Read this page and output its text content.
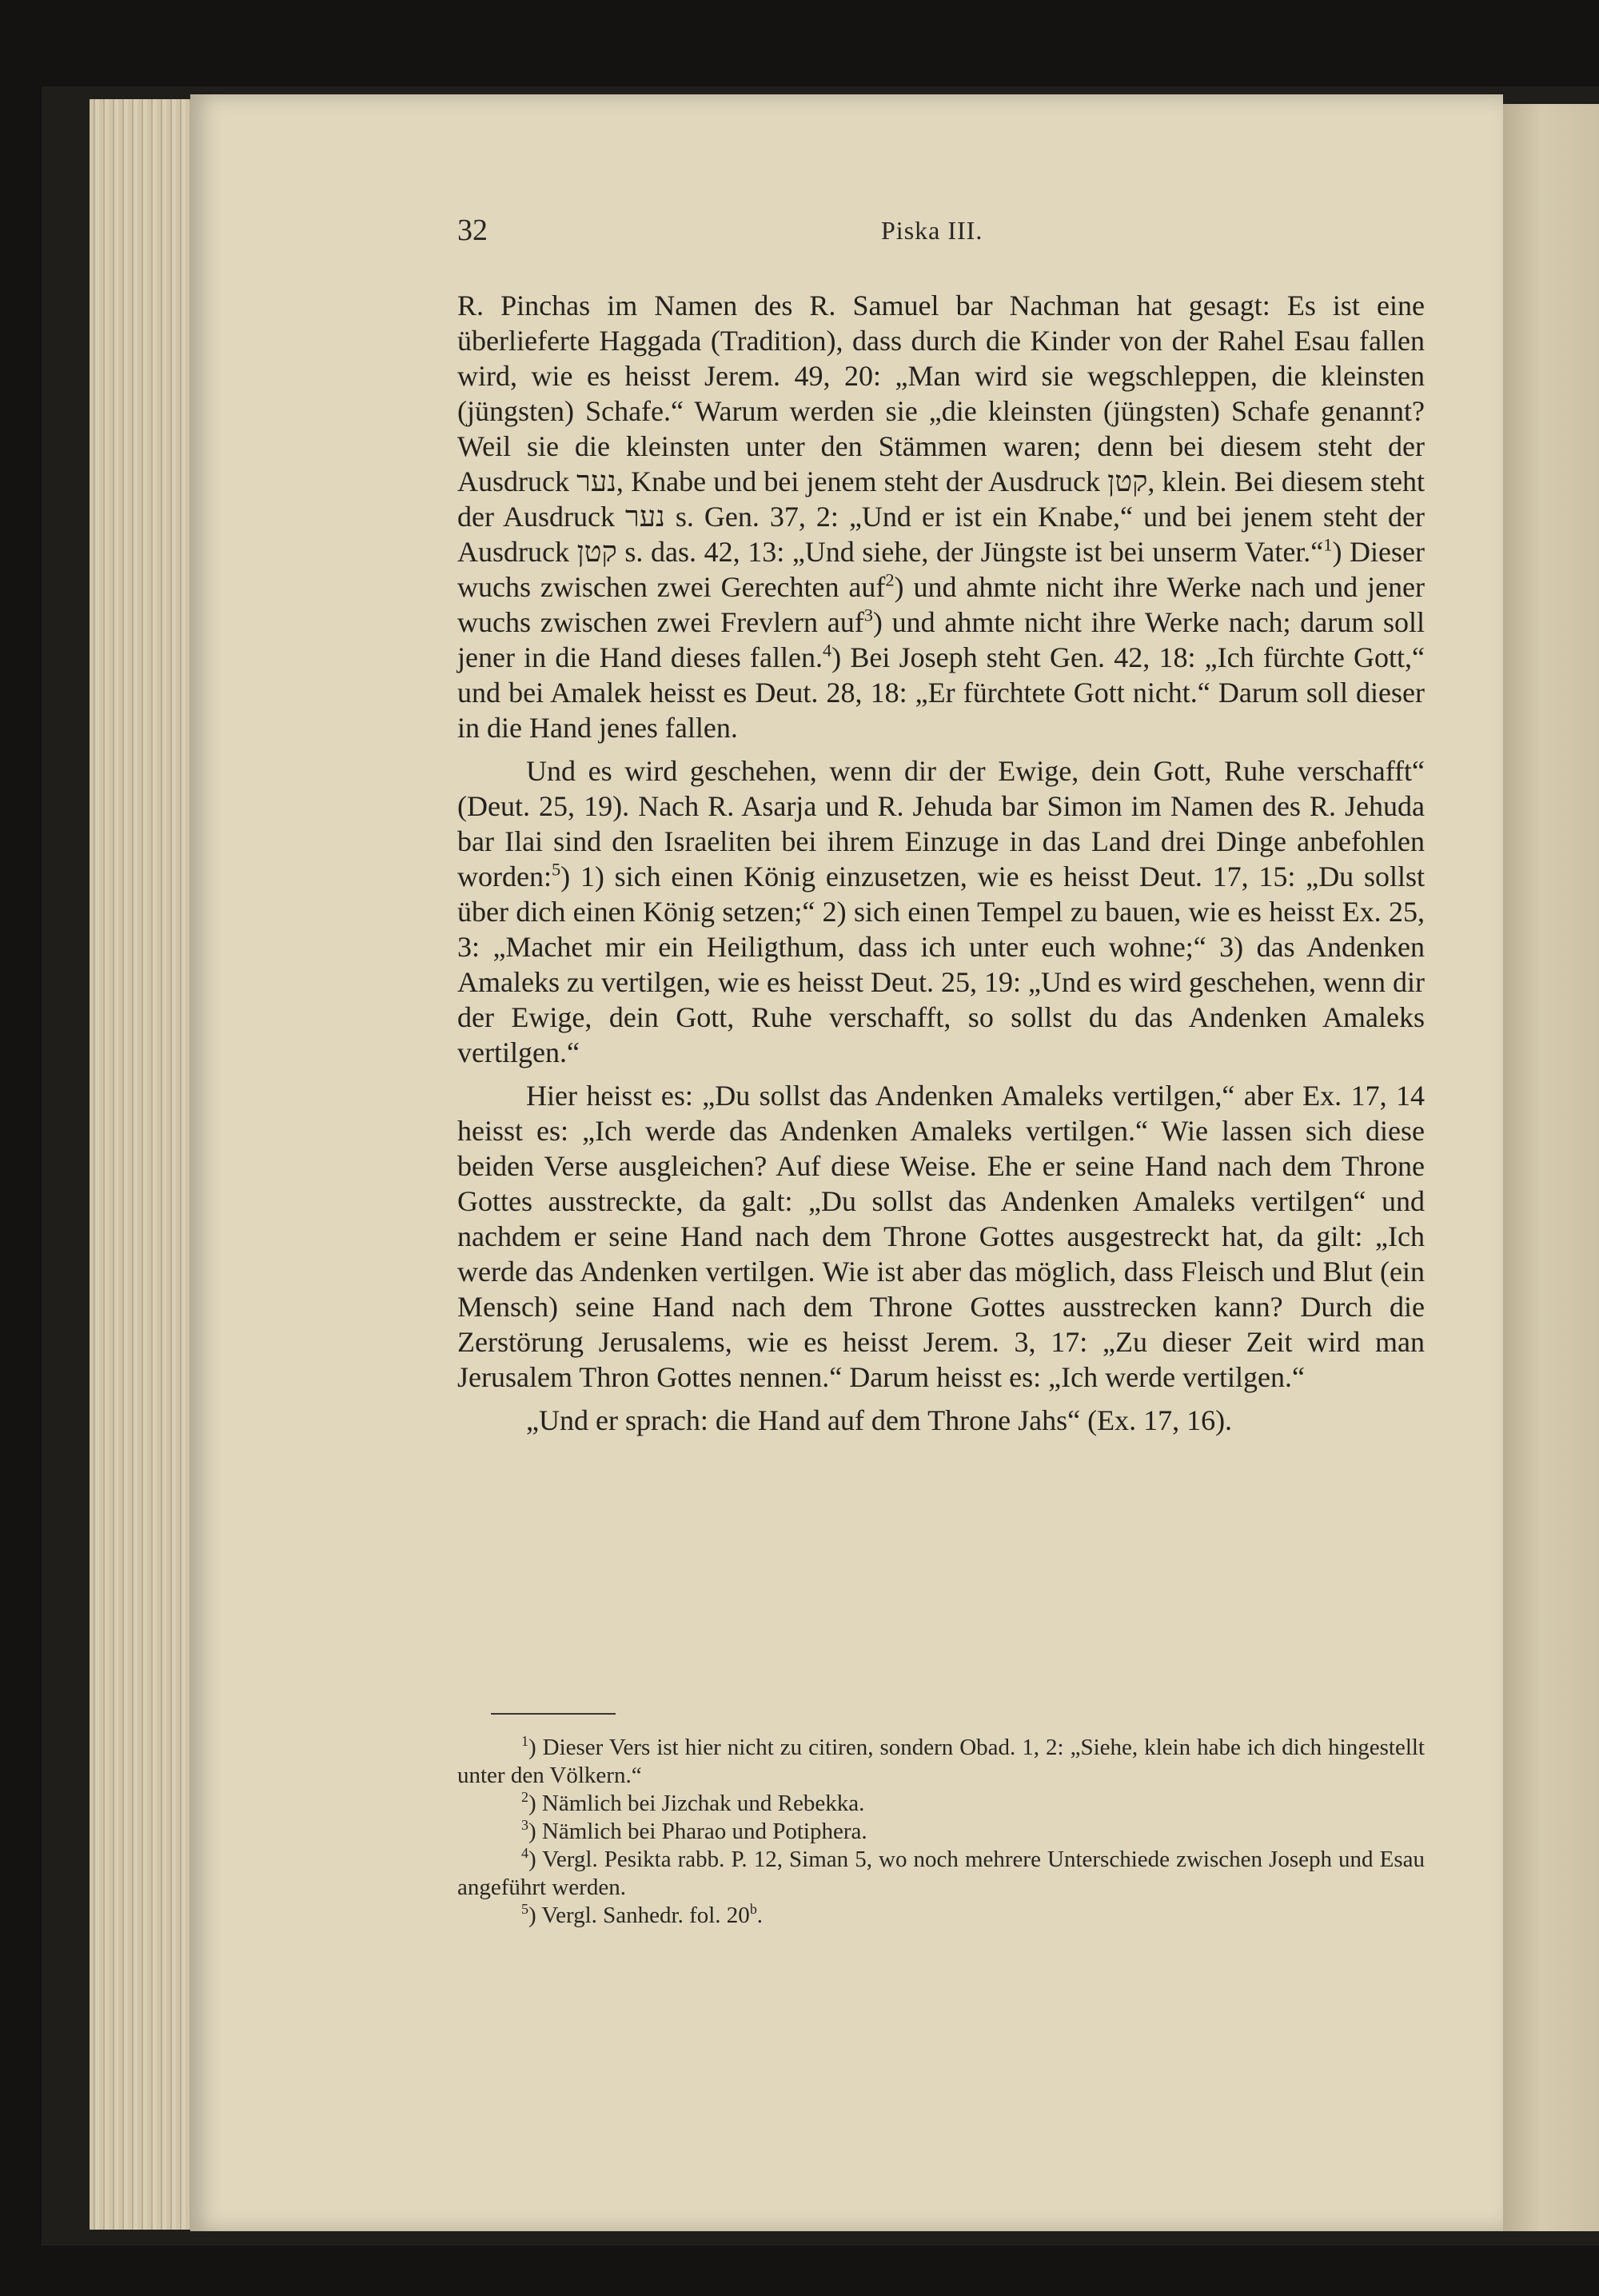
32	Piska III.

R. Pinchas im Namen des R. Samuel bar Nachman hat gesagt: Es ist eine überlieferte Haggada (Tradition), dass durch die Kinder von der Rahel Esau fallen wird, wie es heisst Jerem. 49, 20: „Man wird sie wegschleppen, die kleinsten (jüngsten) Schafe.“ Warum werden sie „die kleinsten (jüngsten) Schafe genannt? Weil sie die kleinsten unter den Stämmen waren; denn bei diesem steht der Ausdruck נער, Knabe und bei jenem steht der Ausdruck קטן, klein. Bei diesem steht der Ausdruck נער s. Gen. 37, 2: „Und er ist ein Knabe,“ und bei jenem steht der Ausdruck קטן s. das. 42, 13: „Und siehe, der Jüngste ist bei unserm Vater.“$^1$) Dieser wuchs zwischen zwei Gerechten auf$^2$) und ahmte nicht ihre Werke nach und jener wuchs zwischen zwei Frevlern auf$^3$) und ahmte nicht ihre Werke nach; darum soll jener in die Hand dieses fallen.$^4$) Bei Joseph steht Gen. 42, 18: „Ich fürchte Gott,“ und bei Amalek heisst es Deut. 28, 18: „Er fürchtete Gott nicht.“ Darum soll dieser in die Hand jenes fallen.

Und es wird geschehen, wenn dir der Ewige, dein Gott, Ruhe verschafft“ (Deut. 25, 19). Nach R. Asarja und R. Jehuda bar Simon im Namen des R. Jehuda bar Ilai sind den Israeliten bei ihrem Einzuge in das Land drei Dinge anbefohlen worden:$^5$) 1) sich einen König einzusetzen, wie es heisst Deut. 17, 15: „Du sollst über dich einen König setzen;“ 2) sich einen Tempel zu bauen, wie es heisst Ex. 25, 3: „Machet mir ein Heiligthum, dass ich unter euch wohne;“ 3) das Andenken Amaleks zu vertilgen, wie es heisst Deut. 25, 19: „Und es wird geschehen, wenn dir der Ewige, dein Gott, Ruhe verschafft, so sollst du das Andenken Amaleks vertilgen.“

Hier heisst es: „Du sollst das Andenken Amaleks vertilgen,“ aber Ex. 17, 14 heisst es: „Ich werde das Andenken Amaleks vertilgen.“ Wie lassen sich diese beiden Verse ausgleichen? Auf diese Weise. Ehe er seine Hand nach dem Throne Gottes ausstreckte, da galt: „Du sollst das Andenken Amaleks vertilgen“ und nachdem er seine Hand nach dem Throne Gottes ausgestreckt hat, da gilt: „Ich werde das Andenken vertilgen. Wie ist aber das möglich, dass Fleisch und Blut (ein Mensch) seine Hand nach dem Throne Gottes ausstrecken kann? Durch die Zerstörung Jerusalems, wie es heisst Jerem. 3, 17: „Zu dieser Zeit wird man Jerusalem Thron Gottes nennen.“ Darum heisst es: „Ich werde vertilgen.“

„Und er sprach: die Hand auf dem Throne Jahs“ (Ex. 17, 16).

$^1$) Dieser Vers ist hier nicht zu citiren, sondern Obad. 1, 2: „Siehe, klein habe ich dich hingestellt unter den Völkern.“

$^2$) Nämlich bei Jizchak und Rebekka.

$^3$) Nämlich bei Pharao und Potiphera.

$^4$) Vergl. Pesikta rabb. P. 12, Siman 5, wo noch mehrere Unterschiede zwischen Joseph und Esau angeführt werden.

$^5$) Vergl. Sanhedr. fol. 20$^b$.
